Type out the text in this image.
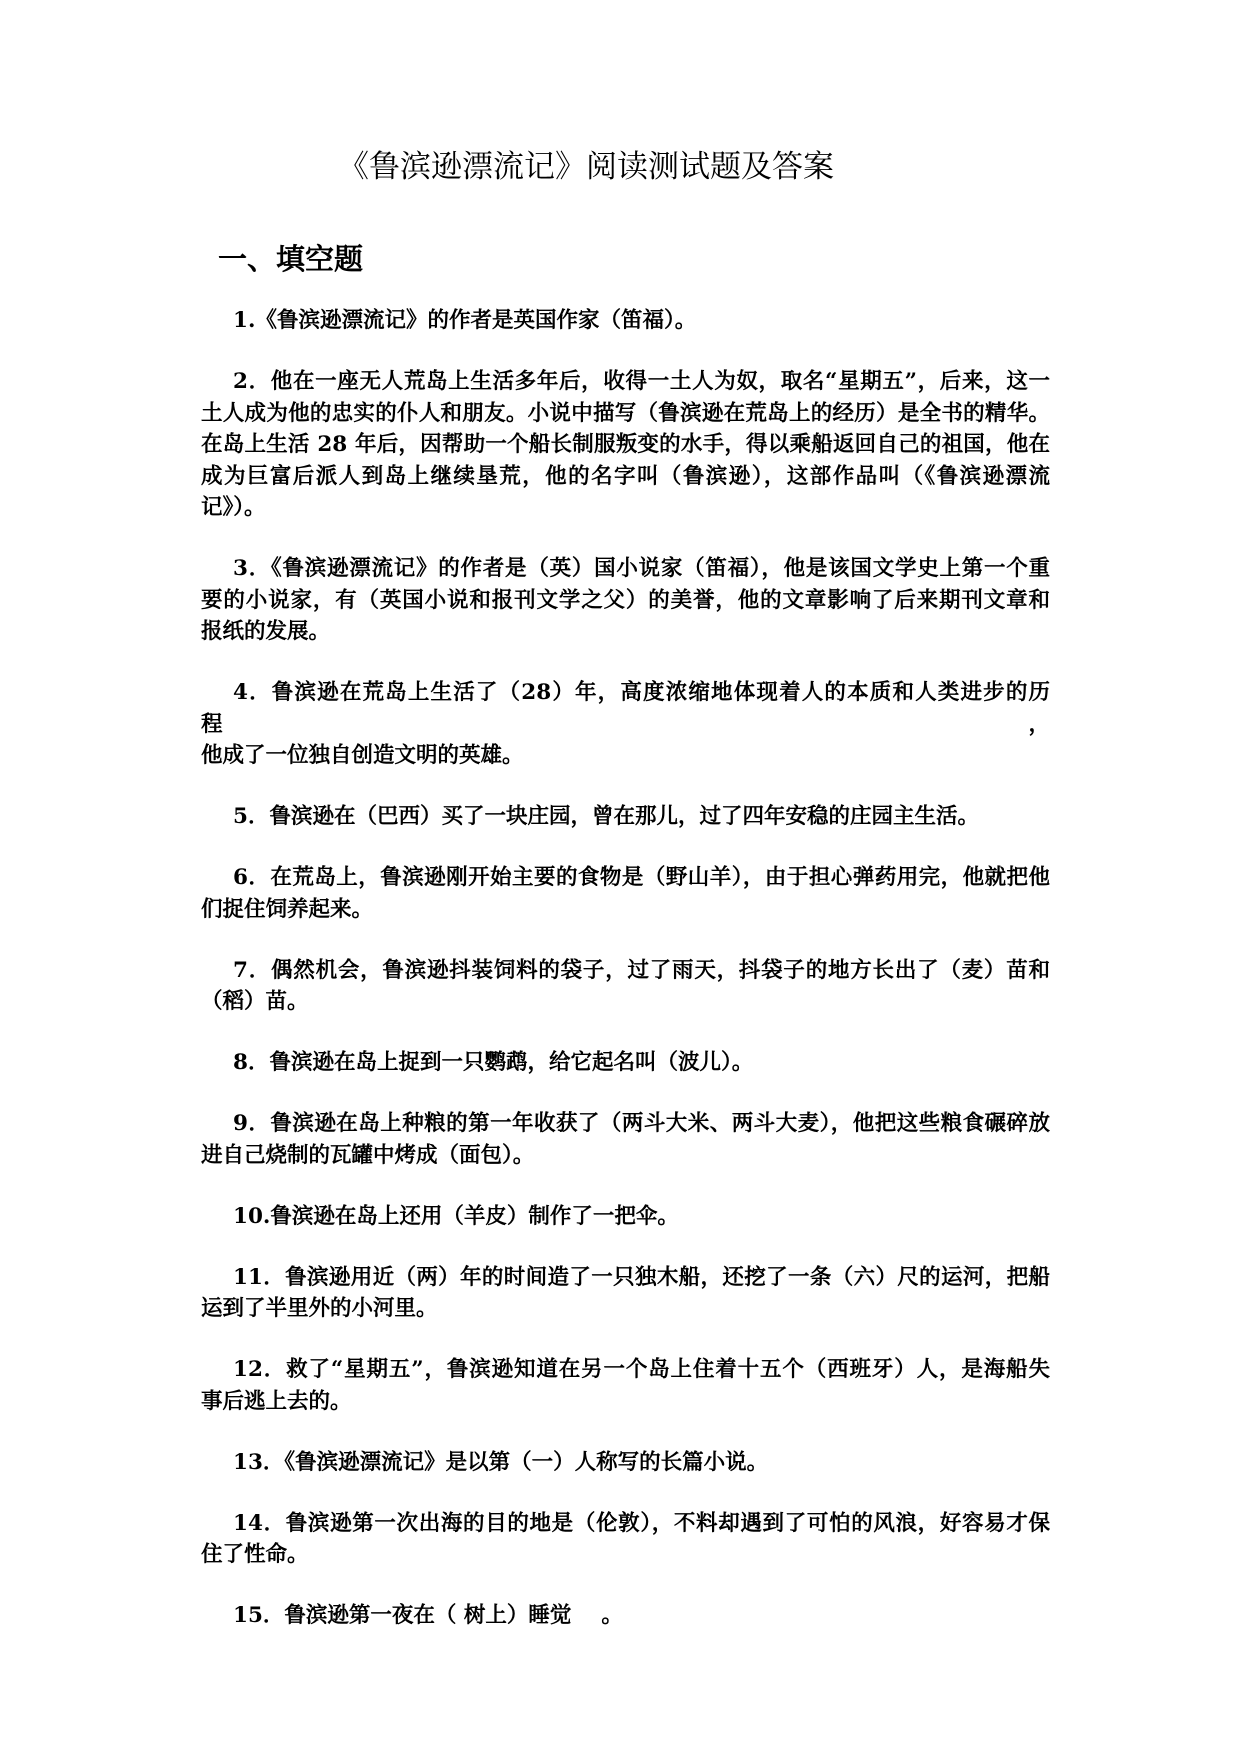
《鲁滨逊漂流记》阅读测试题及答案
一、填空题
1.《鲁滨逊漂流记》的作者是英国作家（笛福）。
2．他在一座无人荒岛上生活多年后，收得一土人为奴，取名“星期五”，后来，这一
土人成为他的忠实的仆人和朋友。小说中描写（鲁滨逊在荒岛上的经历）是全书的精华。
在岛上生活 28 年后，因帮助一个船长制服叛变的水手，得以乘船返回自己的祖国，他在
成为巨富后派人到岛上继续垦荒，他的名字叫（鲁滨逊），这部作品叫（《鲁滨逊漂流
记》）。
3．《鲁滨逊漂流记》的作者是（英）国小说家（笛福），他是该国文学史上第一个重
要的小说家，有（英国小说和报刊文学之父）的美誉，他的文章影响了后来期刊文章和
报纸的发展。
4．鲁滨逊在荒岛上生活了（28）年，高度浓缩地体现着人的本质和人类进步的历程，
他成了一位独自创造文明的英雄。
5．鲁滨逊在（巴西）买了一块庄园，曾在那儿，过了四年安稳的庄园主生活。
6．在荒岛上，鲁滨逊刚开始主要的食物是（野山羊），由于担心弹药用完，他就把他
们捉住饲养起来。
7．偶然机会，鲁滨逊抖装饲料的袋子，过了雨天，抖袋子的地方长出了（麦）苗和
（稻）苗。
8．鲁滨逊在岛上捉到一只鹦鹉，给它起名叫（波儿）。
9．鲁滨逊在岛上种粮的第一年收获了（两斗大米、两斗大麦），他把这些粮食碾碎放
进自己烧制的瓦罐中烤成（面包）。
10.鲁滨逊在岛上还用（羊皮）制作了一把伞。
11．鲁滨逊用近（两）年的时间造了一只独木船，还挖了一条（六）尺的运河，把船
运到了半里外的小河里。
12．救了“星期五”，鲁滨逊知道在另一个岛上住着十五个（西班牙）人，是海船失
事后逃上去的。
13．《鲁滨逊漂流记》是以第（一）人称写的长篇小说。
14．鲁滨逊第一次出海的目的地是（伦敦），不料却遇到了可怕的风浪，好容易才保
住了性命。
15．鲁滨逊第一夜在（ 树上）睡觉    。
